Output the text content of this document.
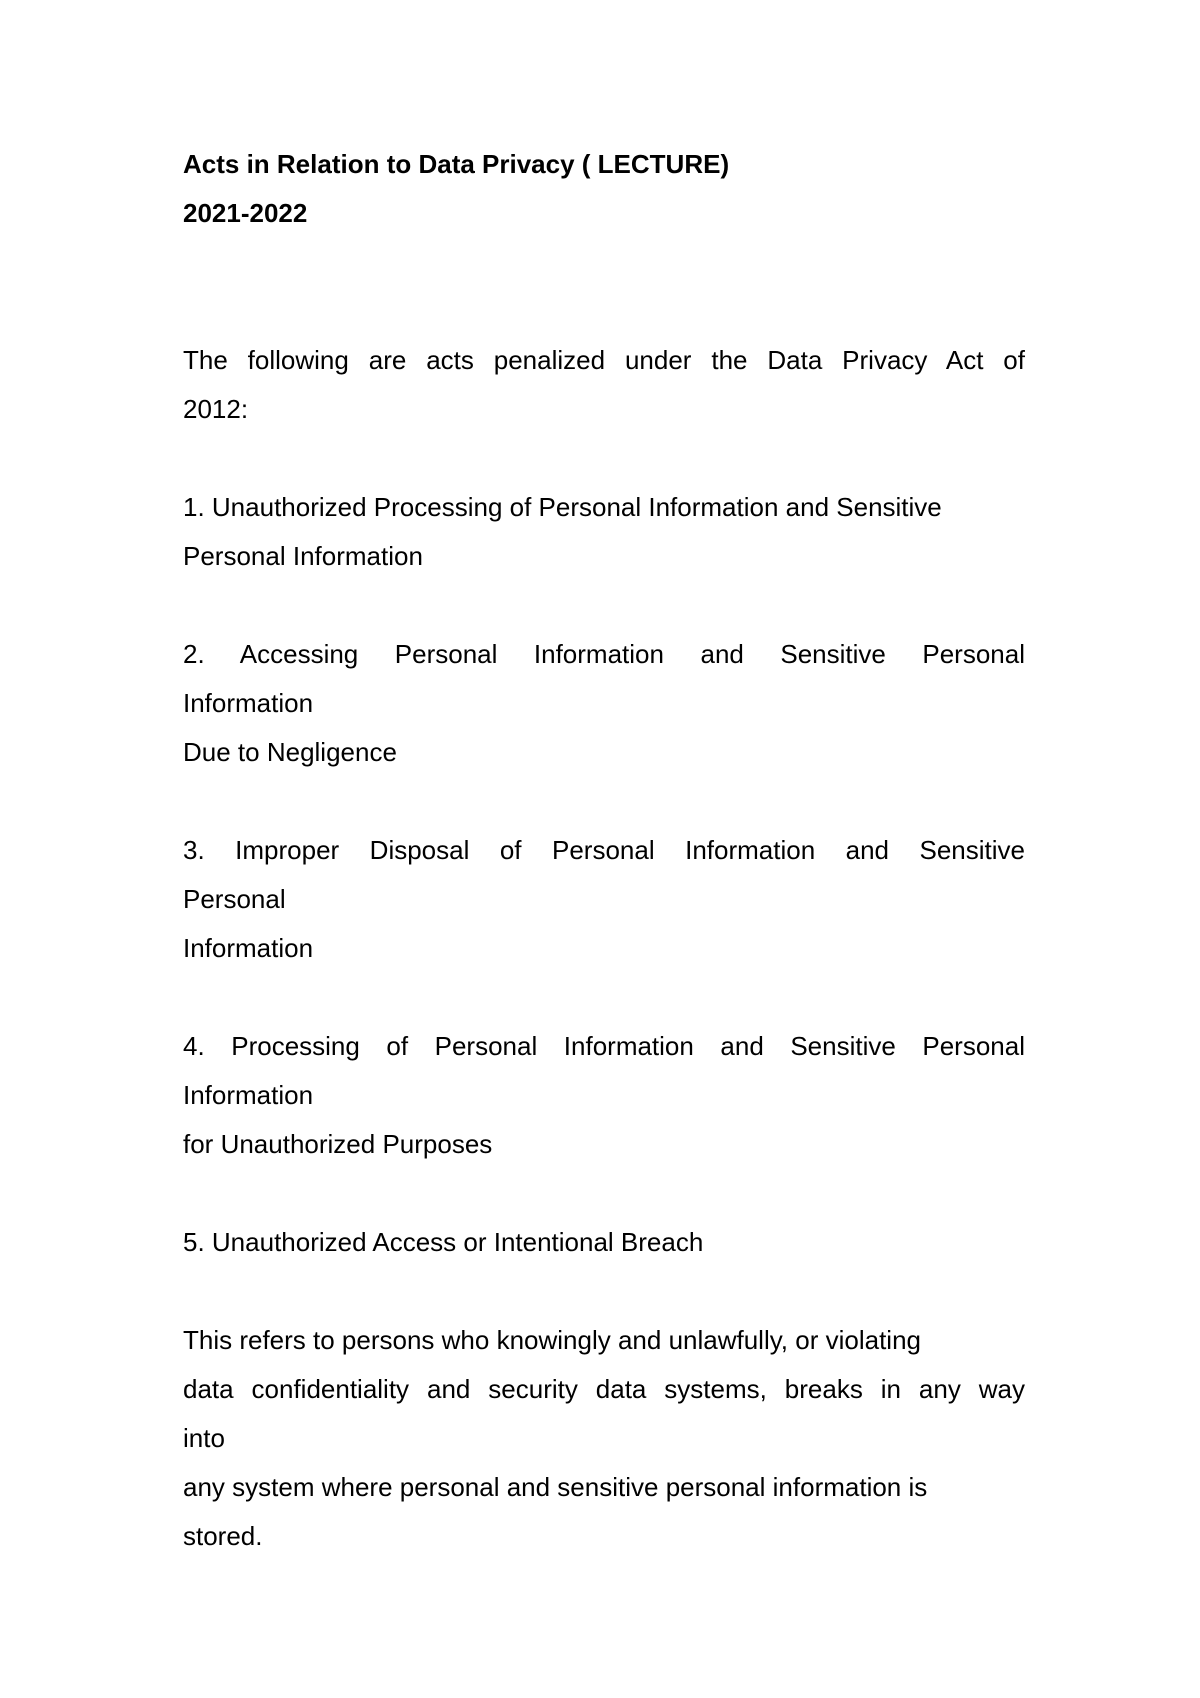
Acts in Relation to Data Privacy ( LECTURE)
2021-2022
The following are acts penalized under the Data Privacy Act of
2012:
1. Unauthorized Processing of Personal Information and Sensitive
Personal Information
2. Accessing Personal Information and Sensitive Personal
Information
Due to Negligence
3. Improper Disposal of Personal Information and Sensitive
Personal
Information
4. Processing of Personal Information and Sensitive Personal
Information
for Unauthorized Purposes
5. Unauthorized Access or Intentional Breach
This refers to persons who knowingly and unlawfully, or violating
data confidentiality and security data systems, breaks in any way
into
any system where personal and sensitive personal information is
stored.
